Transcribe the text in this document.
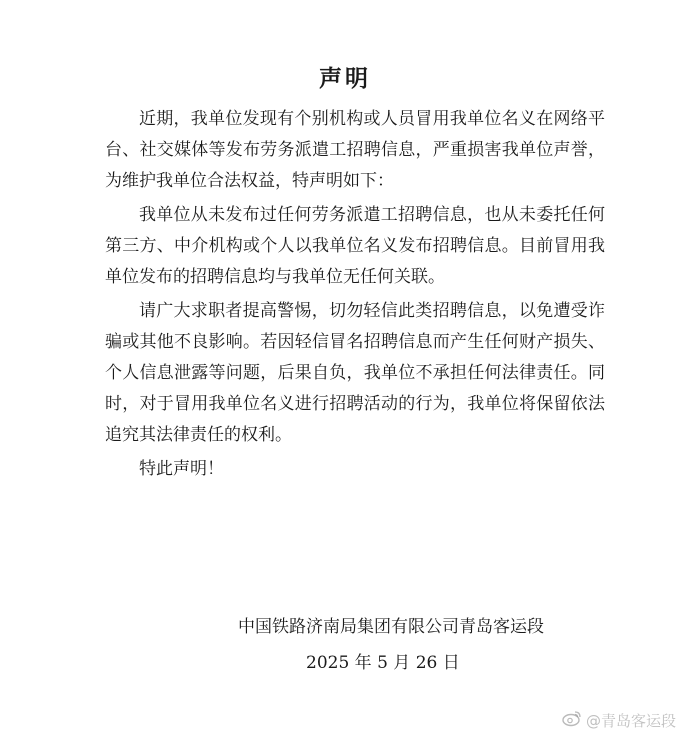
声明

近期，我单位发现有个别机构或人员冒用我单位名义在网络平台、社交媒体等发布劳务派遣工招聘信息，严重损害我单位声誉，为维护我单位合法权益，特声明如下：

我单位从未发布过任何劳务派遣工招聘信息，也从未委托任何第三方、中介机构或个人以我单位名义发布招聘信息。目前冒用我单位发布的招聘信息均与我单位无任何关联。

请广大求职者提高警惕，切勿轻信此类招聘信息，以免遭受诈骗或其他不良影响。若因轻信冒名招聘信息而产生任何财产损失、个人信息泄露等问题，后果自负，我单位不承担任何法律责任。同时，对于冒用我单位名义进行招聘活动的行为，我单位将保留依法追究其法律责任的权利。

特此声明！

中国铁路济南局集团有限公司青岛客运段
2025 年 5 月 26 日
@青岛客运段
